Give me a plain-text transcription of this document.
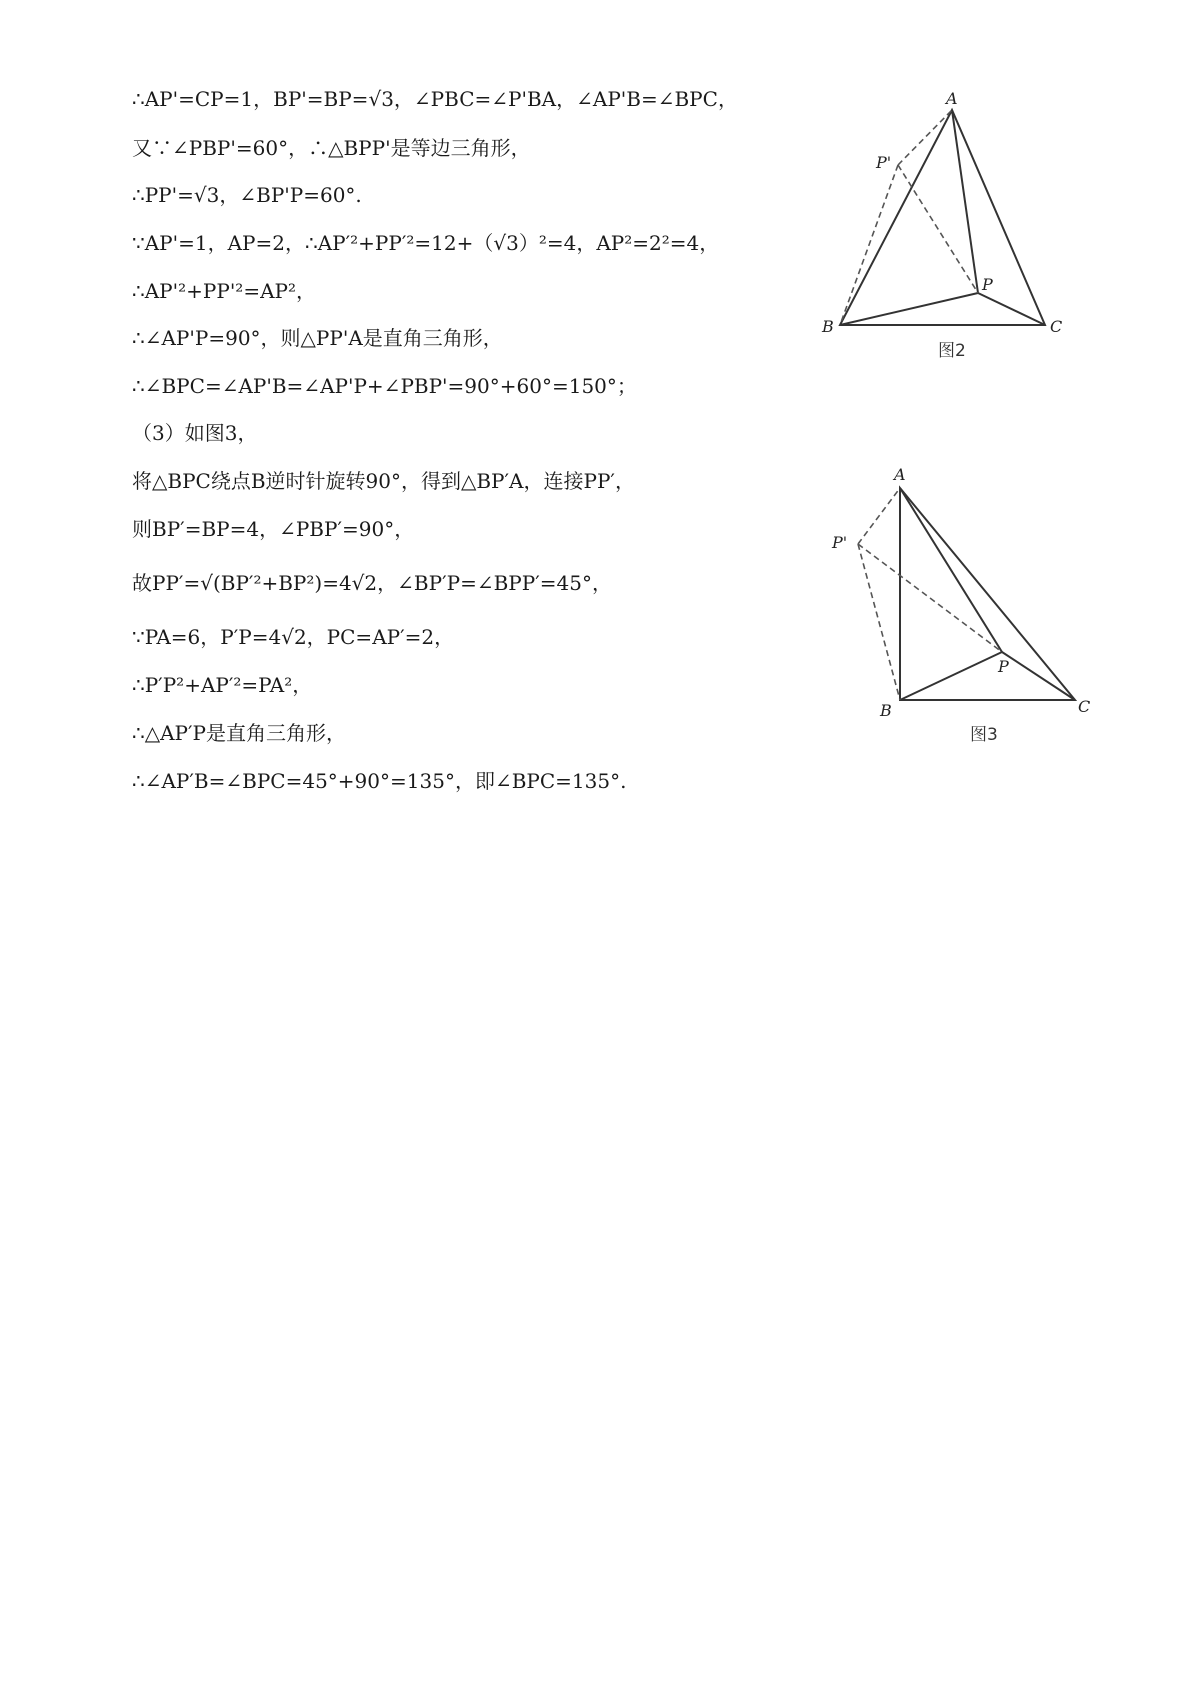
∴AP'=CP=1，BP'=BP=√3，∠PBC=∠P'BA，∠AP'B=∠BPC，
又∵∠PBP'=60°，∴△BPP'是等边三角形，
∴PP'=√3，∠BP'P=60°.
∵AP'=1，AP=2，∴AP′²+PP′²=12+（√3）²=4，AP²=2²=4，
∴AP'²+PP'²=AP²，
∴∠AP'P=90°，则△PP'A是直角三角形，
∴∠BPC=∠AP'B=∠AP'P+∠PBP'=90°+60°=150°；
（3）如图3，
将△BPC绕点B逆时针旋转90°，得到△BP′A，连接PP′，
则BP′=BP=4，∠PBP′=90°，
故PP′=√(BP′²+BP²)=4√2，∠BP′P=∠BPP′=45°，
∵PA=6，P′P=4√2，PC=AP′=2，
∴P′P²+AP′²=PA²，
∴△AP′P是直角三角形，
∴∠AP′B=∠BPC=45°+90°=135°，即∠BPC=135°.
A
P'
P
B	C
图2
A
P'
P
B	C
图3
